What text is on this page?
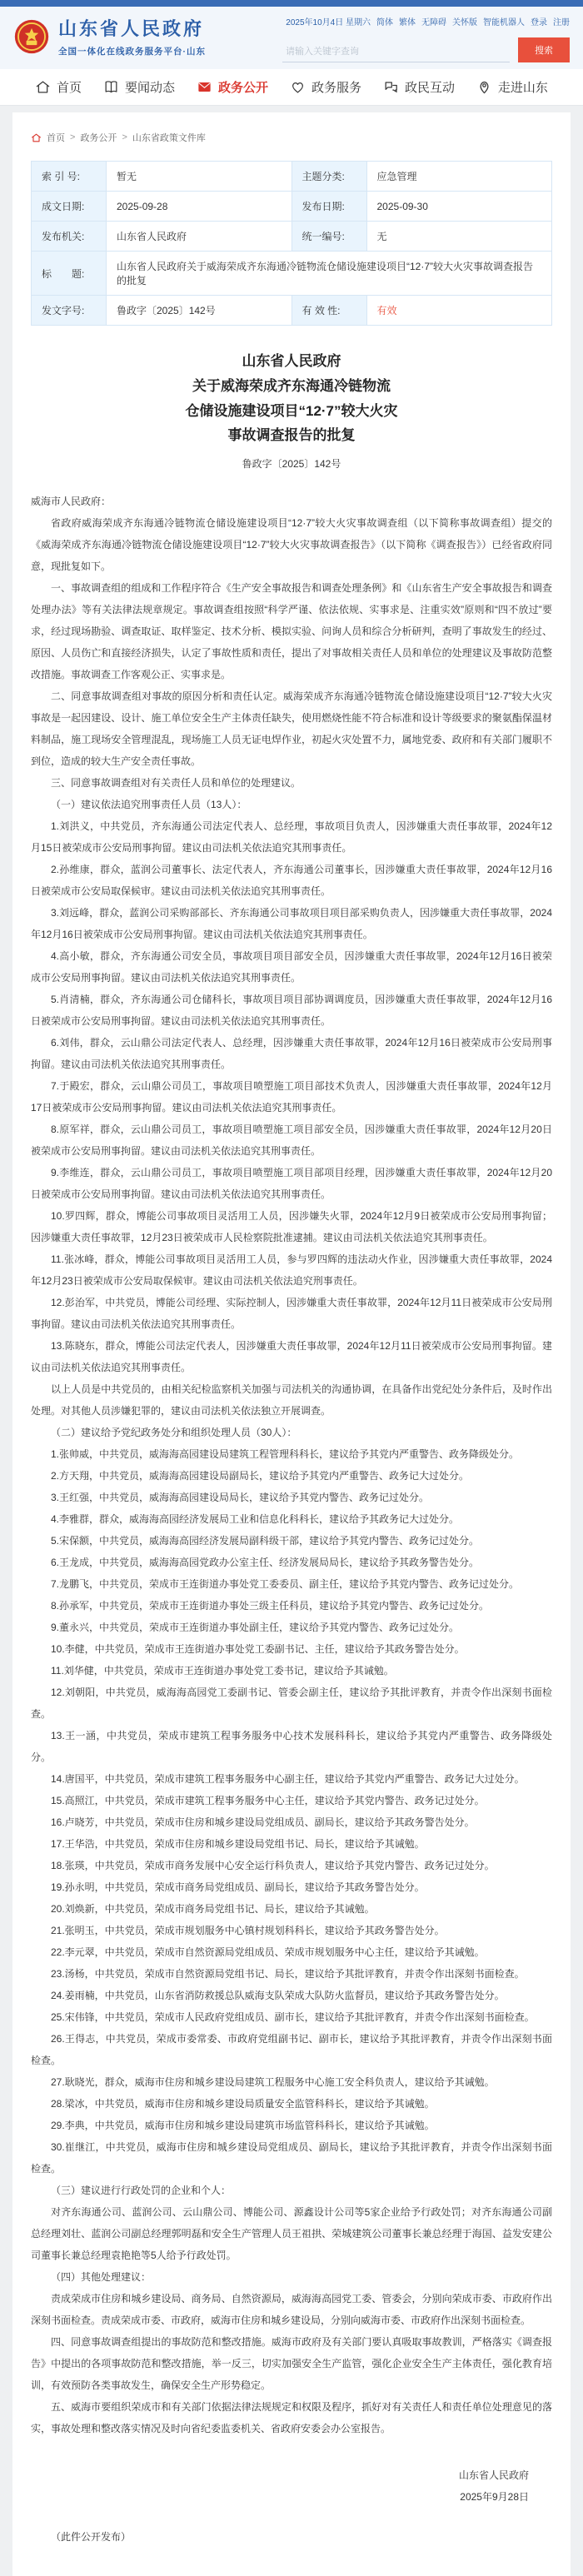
山东省人民政府
全国一体化在线政务服务平台·山东
2025年10月4日 星期六 简体 繁体 无障碍 关怀版 智能机器人 登录 注册
请输入关键字查询
搜索
首页	要闻动态	政务公开	政务服务	政民互动	走进山东
首页 > 政务公开 > 山东省政策文件库
索 引 号:	暂无	主题分类:	应急管理
成文日期:	2025-09-28	发布日期:	2025-09-30
发布机关:	山东省人民政府	统一编号:	无
标　　题:	山东省人民政府关于威海荣成齐东海通冷链物流仓储设施建设项目“12·7”较大火灾事故调查报告的批复		
发文字号:	鲁政字〔2025〕142号	有 效 性:	有效
山东省人民政府
关于威海荣成齐东海通冷链物流
仓储设施建设项目“12·7”较大火灾
事故调查报告的批复
鲁政字〔2025〕142号

威海市人民政府：

省政府威海荣成齐东海通冷链物流仓储设施建设项目“12·7”较大火灾事故调查组（以下简称事故调查组）提交的《威海荣成齐东海通冷链物流仓储设施建设项目“12·7”较大火灾事故调查报告》（以下简称《调查报告》）已经省政府同意，现批复如下。

一、事故调查组的组成和工作程序符合《生产安全事故报告和调查处理条例》和《山东省生产安全事故报告和调查处理办法》等有关法律法规章规定。事故调查组按照“科学严谨、依法依规、实事求是、注重实效”原则和“四不放过”要求，经过现场勘验、调查取证、取样鉴定、技术分析、模拟实验、问询人员和综合分析研判，查明了事故发生的经过、原因、人员伤亡和直接经济损失，认定了事故性质和责任，提出了对事故相关责任人员和单位的处理建议及事故防范整改措施。事故调查工作客观公正、实事求是。

二、同意事故调查组对事故的原因分析和责任认定。威海荣成齐东海通冷链物流仓储设施建设项目“12·7”较大火灾事故是一起因建设、设计、施工单位安全生产主体责任缺失，使用燃烧性能不符合标准和设计等级要求的聚氨酯保温材料制品，施工现场安全管理混乱，现场施工人员无证电焊作业，初起火灾处置不力，属地党委、政府和有关部门履职不到位，造成的较大生产安全责任事故。

三、同意事故调查组对有关责任人员和单位的处理建议。

（一）建议依法追究刑事责任人员（13人）：

1.刘洪义，中共党员，齐东海通公司法定代表人、总经理，事故项目负责人，因涉嫌重大责任事故罪，2024年12月15日被荣成市公安局刑事拘留。建议由司法机关依法追究其刑事责任。

2.孙维康，群众，蓝润公司董事长、法定代表人，齐东海通公司董事长，因涉嫌重大责任事故罪，2024年12月16日被荣成市公安局取保候审。建议由司法机关依法追究其刑事责任。

3.刘远峰，群众，蓝润公司采购部部长、齐东海通公司事故项目项目部采购负责人，因涉嫌重大责任事故罪，2024年12月16日被荣成市公安局刑事拘留。建议由司法机关依法追究其刑事责任。

4.高小敏，群众，齐东海通公司安全员，事故项目项目部安全员，因涉嫌重大责任事故罪，2024年12月16日被荣成市公安局刑事拘留。建议由司法机关依法追究其刑事责任。

5.肖清楠，群众，齐东海通公司仓储科长，事故项目项目部协调调度员，因涉嫌重大责任事故罪，2024年12月16日被荣成市公安局刑事拘留。建议由司法机关依法追究其刑事责任。

6.刘伟，群众，云山鼎公司法定代表人、总经理，因涉嫌重大责任事故罪，2024年12月16日被荣成市公安局刑事拘留。建议由司法机关依法追究其刑事责任。

7.于殿宏，群众，云山鼎公司员工，事故项目喷塑施工项目部技术负责人，因涉嫌重大责任事故罪，2024年12月17日被荣成市公安局刑事拘留。建议由司法机关依法追究其刑事责任。

8.原军祥，群众，云山鼎公司员工，事故项目喷塑施工项目部安全员，因涉嫌重大责任事故罪，2024年12月20日被荣成市公安局刑事拘留。建议由司法机关依法追究其刑事责任。

9.李维连，群众，云山鼎公司员工，事故项目喷塑施工项目部项目经理，因涉嫌重大责任事故罪，2024年12月20日被荣成市公安局刑事拘留。建议由司法机关依法追究其刑事责任。

10.罗四辉，群众，博能公司事故项目灵活用工人员，因涉嫌失火罪，2024年12月9日被荣成市公安局刑事拘留；因涉嫌重大责任事故罪，12月23日被荣成市人民检察院批准逮捕。建议由司法机关依法追究其刑事责任。

11.张冰峰，群众，博能公司事故项目灵活用工人员，参与罗四辉的违法动火作业，因涉嫌重大责任事故罪，2024年12月23日被荣成市公安局取保候审。建议由司法机关依法追究刑事责任。

12.彭治军，中共党员，博能公司经理、实际控制人，因涉嫌重大责任事故罪，2024年12月11日被荣成市公安局刑事拘留。建议由司法机关依法追究其刑事责任。

13.陈晓东，群众，博能公司法定代表人，因涉嫌重大责任事故罪，2024年12月11日被荣成市公安局刑事拘留。建议由司法机关依法追究其刑事责任。

以上人员是中共党员的，由相关纪检监察机关加强与司法机关的沟通协调，在具备作出党纪处分条件后，及时作出处理。对其他人员涉嫌犯罪的，建议由司法机关依法独立开展调查。

（二）建议给予党纪政务处分和组织处理人员（30人）：

1.张帅威，中共党员，威海海高园建设局建筑工程管理科科长，建议给予其党内严重警告、政务降级处分。

2.方天翔，中共党员，威海海高园建设局副局长，建议给予其党内严重警告、政务记大过处分。

3.王红强，中共党员，威海海高园建设局局长，建议给予其党内警告、政务记过处分。

4.李雅群，群众，威海海高园经济发展局工业和信息化科科长，建议给予其政务记大过处分。

5.宋保额，中共党员，威海海高园经济发展局副科级干部，建议给予其党内警告、政务记过处分。

6.王龙成，中共党员，威海海高园党政办公室主任、经济发展局局长，建议给予其政务警告处分。

7.龙鹏飞，中共党员，荣成市王连街道办事处党工委委员、副主任，建议给予其党内警告、政务记过处分。

8.孙承军，中共党员，荣成市王连街道办事处三级主任科员，建议给予其党内警告、政务记过处分。

9.董永兴，中共党员，荣成市王连街道办事处副主任，建议给予其党内警告、政务记过处分。

10.李健，中共党员，荣成市王连街道办事处党工委副书记、主任，建议给予其政务警告处分。

11.刘华健，中共党员，荣成市王连街道办事处党工委书记，建议给予其诫勉。

12.刘朝阳，中共党员，威海海高园党工委副书记、管委会副主任，建议给予其批评教育，并责令作出深刻书面检查。

13.王一涵，中共党员，荣成市建筑工程事务服务中心技术发展科科长，建议给予其党内严重警告、政务降级处分。

14.唐国平，中共党员，荣成市建筑工程事务服务中心副主任，建议给予其党内严重警告、政务记大过处分。

15.高照江，中共党员，荣成市建筑工程事务服务中心主任，建议给予其党内警告、政务记过处分。

16.卢晓芳，中共党员，荣成市住房和城乡建设局党组成员、副局长，建议给予其政务警告处分。

17.王华浩，中共党员，荣成市住房和城乡建设局党组书记、局长，建议给予其诫勉。

18.张瑛，中共党员，荣成市商务发展中心安全运行科负责人，建议给予其党内警告、政务记过处分。

19.孙永明，中共党员，荣成市商务局党组成员、副局长，建议给予其政务警告处分。

20.刘焕新，中共党员，荣成市商务局党组书记、局长，建议给予其诫勉。

21.张明玉，中共党员，荣成市规划服务中心镇村规划科科长，建议给予其政务警告处分。

22.李元翠，中共党员，荣成市自然资源局党组成员、荣成市规划服务中心主任，建议给予其诫勉。

23.汤杨，中共党员，荣成市自然资源局党组书记、局长，建议给予其批评教育，并责令作出深刻书面检查。

24.姜雨楠，中共党员，山东省消防救援总队威海支队荣成大队防火监督员，建议给予其政务警告处分。

25.宋伟锋，中共党员，荣成市人民政府党组成员、副市长，建议给予其批评教育，并责令作出深刻书面检查。

26.王得志，中共党员，荣成市委常委、市政府党组副书记、副市长，建议给予其批评教育，并责令作出深刻书面检查。

27.耿晓光，群众，威海市住房和城乡建设局建筑工程服务中心施工安全科负责人，建议给予其诫勉。

28.梁冰，中共党员，威海市住房和城乡建设局质量安全监管科科长，建议给予其诫勉。

29.李典，中共党员，威海市住房和城乡建设局建筑市场监管科科长，建议给予其诫勉。

30.崔继江，中共党员，威海市住房和城乡建设局党组成员、副局长，建议给予其批评教育，并责令作出深刻书面检查。

（三）建议进行行政处罚的企业和个人：

对齐东海通公司、蓝润公司、云山鼎公司、博能公司、源鑫设计公司等5家企业给予行政处罚；对齐东海通公司副总经理刘壮、蓝润公司副总经理郭明磊和安全生产管理人员王祖拱、荣城建筑公司董事长兼总经理于海国、益发安建公司董事长兼总经理袁艳艳等5人给予行政处罚。

（四）其他处理建议：

责成荣成市住房和城乡建设局、商务局、自然资源局，威海海高园党工委、管委会，分别向荣成市委、市政府作出深刻书面检查。责成荣成市委、市政府，威海市住房和城乡建设局，分别向威海市委、市政府作出深刻书面检查。

四、同意事故调查组提出的事故防范和整改措施。威海市政府及有关部门要认真吸取事故教训，严格落实《调查报告》中提出的各项事故防范和整改措施，举一反三，切实加强安全生产监管，强化企业安全生产主体责任，强化教育培训，有效预防各类事故发生，确保安全生产形势稳定。

五、威海市要组织荣成市和有关部门依据法律法规规定和权限及程序，抓好对有关责任人和责任单位处理意见的落实，事故处理和整改落实情况及时向省纪委监委机关、省政府安委会办公室报告。

山东省人民政府
2025年9月28日

（此件公开发布）
